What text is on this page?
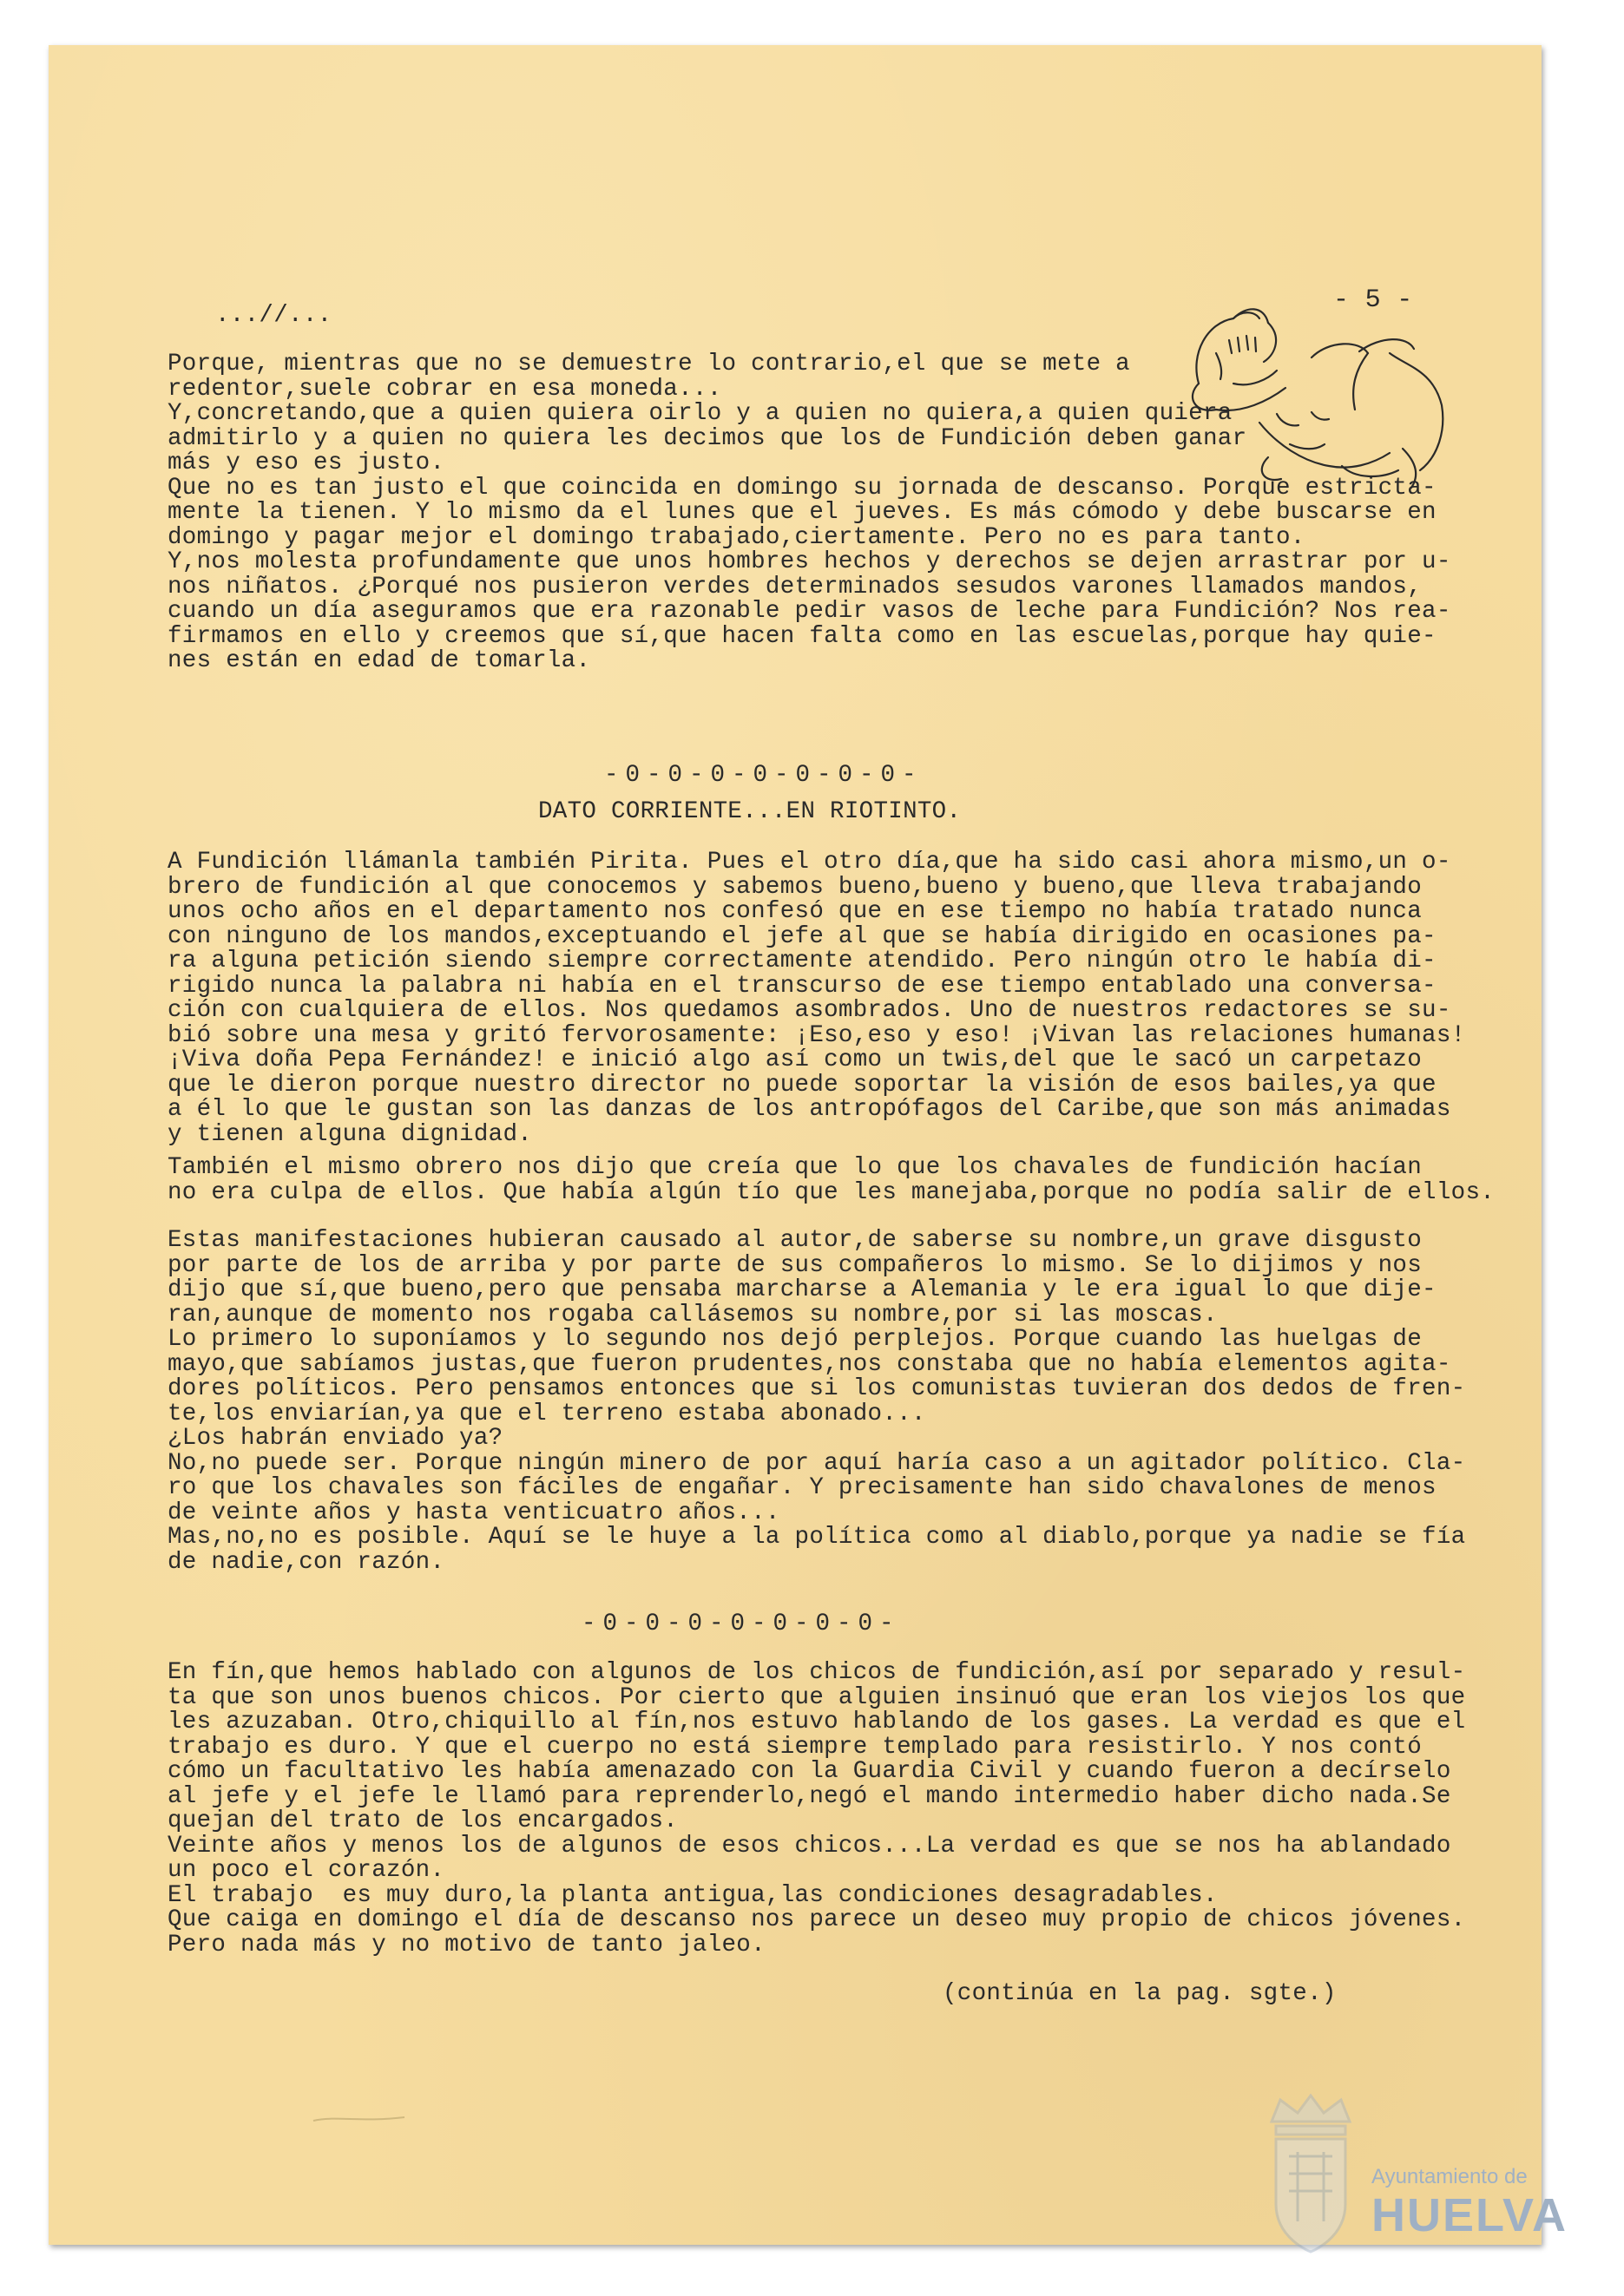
...//...

- 5 -

Porque, mientras que no se demuestre lo contrario,el que se mete a
redentor,suele cobrar en esa moneda...
Y,concretando,que a quien quiera oirlo y a quien no quiera,a quien quiera
admitirlo y a quien no quiera les decimos que los de Fundición deben ganar
más y eso es justo.
Que no es tan justo el que coincida en domingo su jornada de descanso. Porque estricta-
mente la tienen. Y lo mismo da el lunes que el jueves. Es más cómodo y debe buscarse en
domingo y pagar mejor el domingo trabajado,ciertamente. Pero no es para tanto.
Y,nos molesta profundamente que unos hombres hechos y derechos se dejen arrastrar por u-
nos niñatos. ¿Porqué nos pusieron verdes determinados sesudos varones llamados mandos,
cuando un día aseguramos que era razonable pedir vasos de leche para Fundición? Nos rea-
firmamos en ello y creemos que sí,que hacen falta como en las escuelas,porque hay quie-
nes están en edad de tomarla.

-0-0-0-0-0-0-0-

DATO CORRIENTE...EN RIOTINTO.

A Fundición llámanla también Pirita. Pues el otro día,que ha sido casi ahora mismo,un o-
brero de fundición al que conocemos y sabemos bueno,bueno y bueno,que lleva trabajando
unos ocho años en el departamento nos confesó que en ese tiempo no había tratado nunca
con ninguno de los mandos,exceptuando el jefe al que se había dirigido en ocasiones pa-
ra alguna petición siendo siempre correctamente atendido. Pero ningún otro le había di-
rigido nunca la palabra ni había en el transcurso de ese tiempo entablado una conversa-
ción con cualquiera de ellos. Nos quedamos asombrados. Uno de nuestros redactores se su-
bió sobre una mesa y gritó fervorosamente: ¡Eso,eso y eso! ¡Vivan las relaciones humanas!
¡Viva doña Pepa Fernández! e inició algo así como un twis,del que le sacó un carpetazo
que le dieron porque nuestro director no puede soportar la visión de esos bailes,ya que
a él lo que le gustan son las danzas de los antropófagos del Caribe,que son más animadas
y tienen alguna dignidad.

También el mismo obrero nos dijo que creía que lo que los chavales de fundición hacían
no era culpa de ellos. Que había algún tío que les manejaba,porque no podía salir de ellos.

Estas manifestaciones hubieran causado al autor,de saberse su nombre,un grave disgusto
por parte de los de arriba y por parte de sus compañeros lo mismo. Se lo dijimos y nos
dijo que sí,que bueno,pero que pensaba marcharse a Alemania y le era igual lo que dije-
ran,aunque de momento nos rogaba callásemos su nombre,por si las moscas.
Lo primero lo suponíamos y lo segundo nos dejó perplejos. Porque cuando las huelgas de
mayo,que sabíamos justas,que fueron prudentes,nos constaba que no había elementos agita-
dores políticos. Pero pensamos entonces que si los comunistas tuvieran dos dedos de fren-
te,los enviarían,ya que el terreno estaba abonado...
¿Los habrán enviado ya?
No,no puede ser. Porque ningún minero de por aquí haría caso a un agitador político. Cla-
ro que los chavales son fáciles de engañar. Y precisamente han sido chavalones de menos
de veinte años y hasta venticuatro años...
Mas,no,no es posible. Aquí se le huye a la política como al diablo,porque ya nadie se fía
de nadie,con razón.

-0-0-0-0-0-0-0-

En fín,que hemos hablado con algunos de los chicos de fundición,así por separado y resul-
ta que son unos buenos chicos. Por cierto que alguien insinuó que eran los viejos los que
les azuzaban. Otro,chiquillo al fín,nos estuvo hablando de los gases. La verdad es que el
trabajo es duro. Y que el cuerpo no está siempre templado para resistirlo. Y nos contó
cómo un facultativo les había amenazado con la Guardia Civil y cuando fueron a decírselo
al jefe y el jefe le llamó para reprenderlo,negó el mando intermedio haber dicho nada.Se
quejan del trato de los encargados.
Veinte años y menos los de algunos de esos chicos...La verdad es que se nos ha ablandado
un poco el corazón.
El trabajo  es muy duro,la planta antigua,las condiciones desagradables.
Que caiga en domingo el día de descanso nos parece un deseo muy propio de chicos jóvenes.
Pero nada más y no motivo de tanto jaleo.

(continúa en la pag. sgte.)

Ayuntamiento de
HUELVA
